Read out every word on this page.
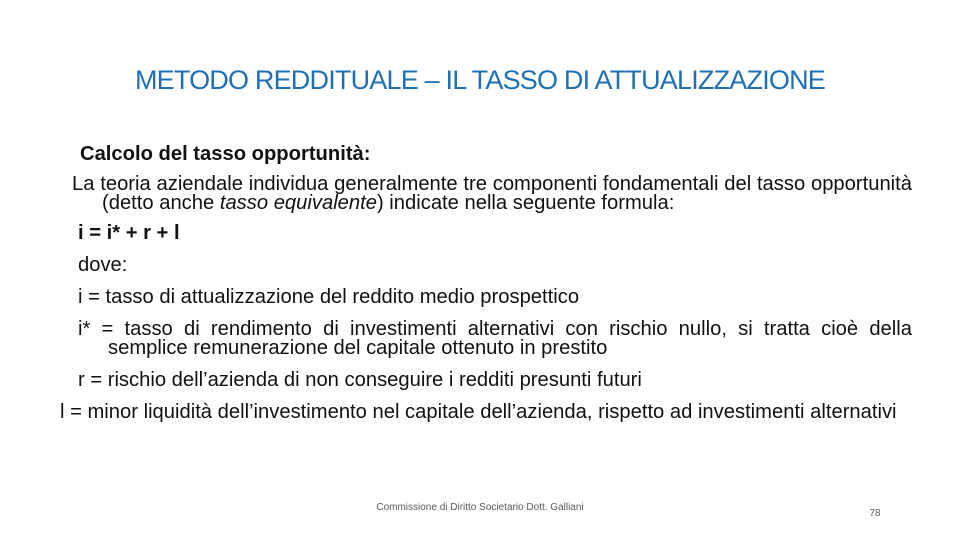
METODO REDDITUALE – IL TASSO DI ATTUALIZZAZIONE

Calcolo del tasso opportunità:

La teoria aziendale individua generalmente tre componenti fondamentali del tasso opportunità (detto anche tasso equivalente) indicate nella seguente formula:

i = i* + r + l

dove:

i = tasso di attualizzazione del reddito medio prospettico

i* = tasso di rendimento di investimenti alternativi con rischio nullo, si tratta cioè della semplice remunerazione del capitale ottenuto in prestito

r = rischio dell’azienda di non conseguire i redditi presunti futuri

l = minor liquidità dell’investimento nel capitale dell’azienda, rispetto ad investimenti alternativi

Commissione di Diritto Societario Dott. Galliani
78
